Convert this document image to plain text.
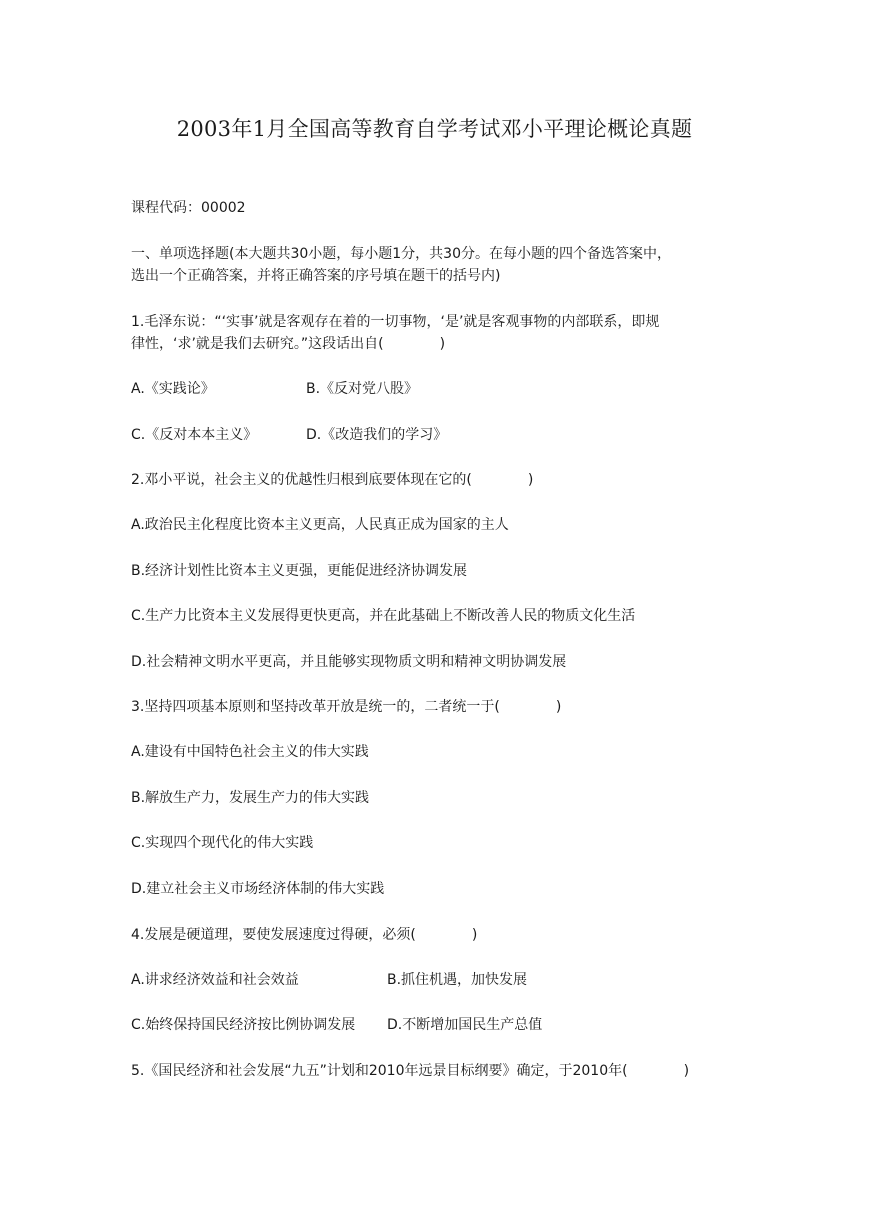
2003年1月全国高等教育自学考试邓小平理论概论真题
课程代码：00002
一、单项选择题(本大题共30小题，每小题1分，共30分。在每小题的四个备选答案中，
选出一个正确答案，并将正确答案的序号填在题干的括号内)
1.毛泽东说：“‘实事’就是客观存在着的一切事物，‘是’就是客观事物的内部联系，即规
律性，‘求’就是我们去研究。”这段话出自(　　　　)
A.《实践论》	B.《反对党八股》
C.《反对本本主义》	D.《改造我们的学习》
2.邓小平说，社会主义的优越性归根到底要体现在它的(　　　　)
A.政治民主化程度比资本主义更高，人民真正成为国家的主人
B.经济计划性比资本主义更强，更能促进经济协调发展
C.生产力比资本主义发展得更快更高，并在此基础上不断改善人民的物质文化生活
D.社会精神文明水平更高，并且能够实现物质文明和精神文明协调发展
3.坚持四项基本原则和坚持改革开放是统一的，二者统一于(　　　　)
A.建设有中国特色社会主义的伟大实践
B.解放生产力，发展生产力的伟大实践
C.实现四个现代化的伟大实践
D.建立社会主义市场经济体制的伟大实践
4.发展是硬道理，要使发展速度过得硬，必须(　　　　)
A.讲求经济效益和社会效益	B.抓住机遇，加快发展
C.始终保持国民经济按比例协调发展 D.不断增加国民生产总值
5.《国民经济和社会发展“九五”计划和2010年远景目标纲要》确定，于2010年(　　　　)
